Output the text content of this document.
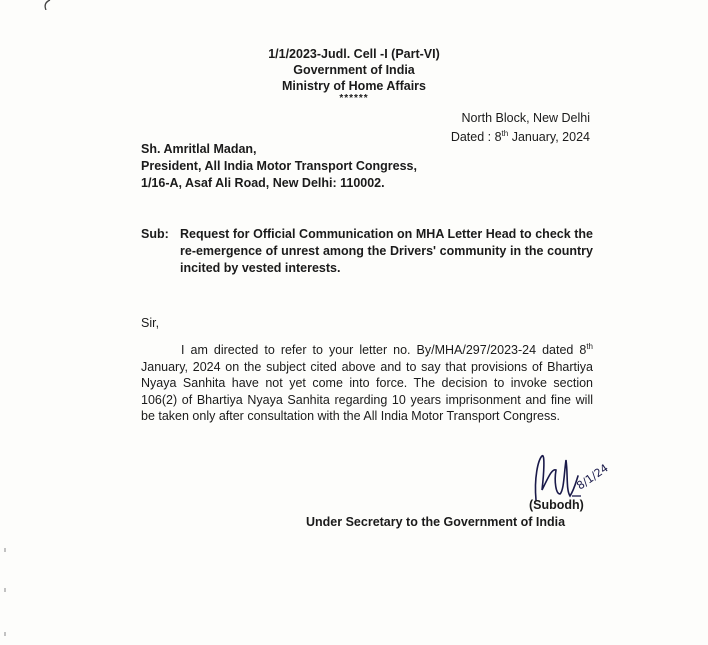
1/1/2023-Judl. Cell -I (Part-VI)
Government of India
Ministry of Home Affairs
******
North Block, New Delhi
Dated : 8th January, 2024
Sh. Amritlal Madan,
President, All India Motor Transport Congress,
1/16-A, Asaf Ali Road, New Delhi: 110002.
Sub: Request for Official Communication on MHA Letter Head to check the re-emergence of unrest among the Drivers' community in the country incited by vested interests.
Sir,
I am directed to refer to your letter no. By/MHA/297/2023-24 dated 8th January, 2024 on the subject cited above and to say that provisions of Bhartiya Nyaya Sanhita have not yet come into force. The decision to invoke section 106(2) of Bhartiya Nyaya Sanhita regarding 10 years imprisonment and fine will be taken only after consultation with the All India Motor Transport Congress.
8/1/24
(Subodh)
Under Secretary to the Government of India
